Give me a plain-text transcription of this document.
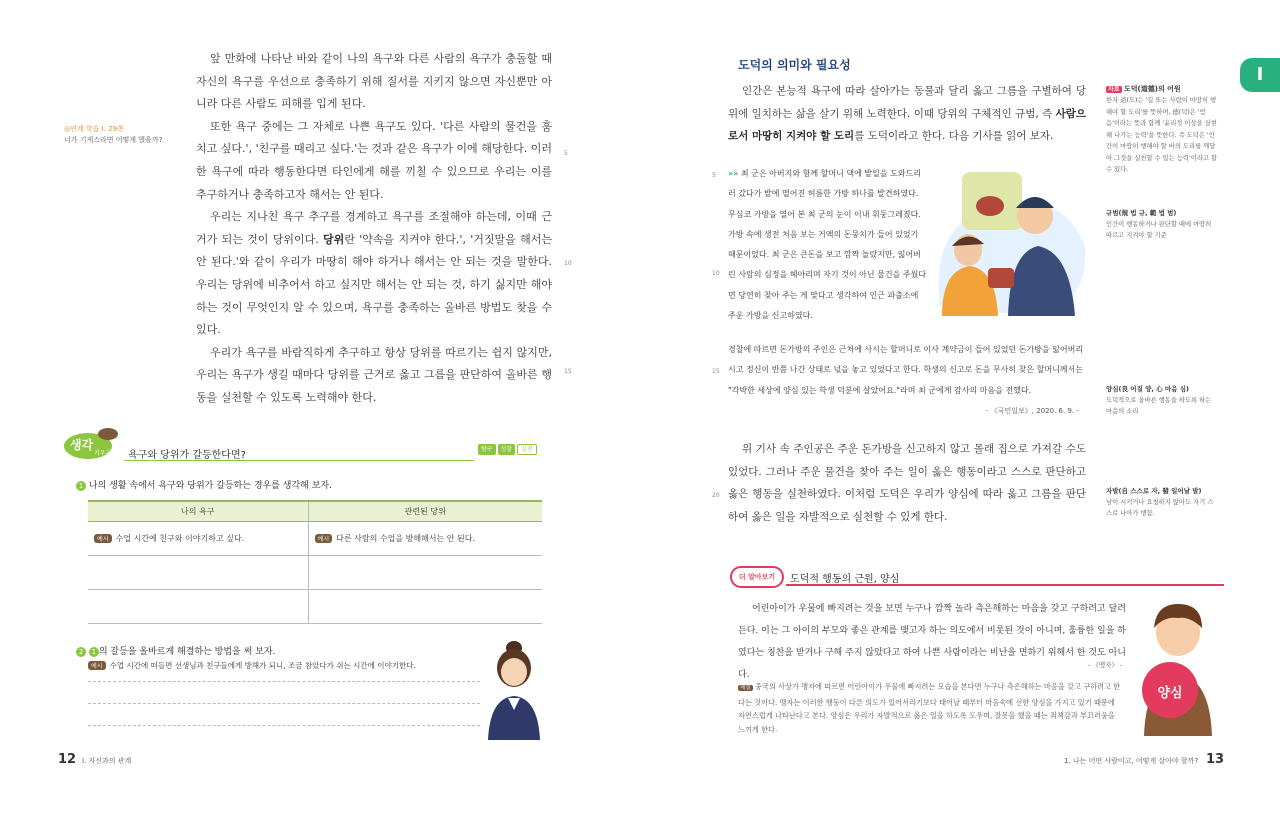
앞 만화에 나타난 바와 같이 나의 욕구와 다른 사람의 욕구가 충돌할 때 자신의 욕구를 우선으로 충족하기 위해 질서를 지키지 않으면 자신뿐만 아니라 다른 사람도 피해를 입게 된다.

또한 욕구 중에는 그 자체로 나쁜 욕구도 있다. '다른 사람의 물건을 훔치고 싶다.', '친구를 때리고 싶다.'는 것과 같은 욕구가 이에 해당한다. 이러한 욕구에 따라 행동한다면 타인에게 해를 끼칠 수 있으므로 우리는 이를 추구하거나 충족하고자 해서는 안 된다.

우리는 지나친 욕구 추구를 경계하고 욕구를 조절해야 하는데, 이때 근거가 되는 것이 당위이다. 당위란 '약속을 지켜야 한다.', '거짓말을 해서는 안 된다.'와 같이 우리가 마땅히 해야 하거나 해서는 안 되는 것을 말한다. 우리는 당위에 비추어서 하고 싶지만 해서는 안 되는 것, 하기 싫지만 해야 하는 것이 무엇인지 알 수 있으며, 욕구를 충족하는 올바른 방법도 찾을 수 있다.

우리가 욕구를 바람직하게 추구하고 항상 당위를 따르기는 쉽지 않지만, 우리는 욕구가 생길 때마다 당위를 근거로 옳고 그름을 판단하여 올바른 행동을 실천할 수 있도록 노력해야 한다.

5
10
15
◎연계 학습 I. 29쪽
너가 기게스라면 어떻게 했을까?
생각
키우기 욕구와 당위가 갈등한다면?
탐구 성찰 실천
1 나의 생활 속에서 욕구와 당위가 갈등하는 경우를 생각해 보자.
나의 욕구	관련된 당위
예시 수업 시간에 친구와 이야기하고 싶다.	예시 다른 사람의 수업을 방해해서는 안 된다.

2 1 의 갈등을 올바르게 해결하는 방법을 써 보자.
예시 수업 시간에 떠들면 선생님과 친구들에게 방해가 되니, 조금 참았다가 쉬는 시간에 이야기한다.
12 I. 자신과의 관계
I
도덕의 의미와 필요성

인간은 본능적 욕구에 따라 살아가는 동물과 달리 옳고 그름을 구별하여 당위에 일치하는 삶을 살기 위해 노력한다. 이때 당위의 구체적인 규범, 즉 사람으로서 마땅히 지켜야 할 도리를 도덕이라고 한다. 다음 기사를 읽어 보자.

»» 최 군은 아버지와 함께 할머니 댁에 밭일을 도와드리러 갔다가 밭에 떨어진 허름한 가방 하나를 발견하였다. 무심코 가방을 열어 본 최 군의 눈이 이내 휘둥그레졌다. 가방 속에 생전 처음 보는 거액의 돈뭉치가 들어 있었기 때문이었다. 최 군은 큰돈을 보고 깜짝 놀랐지만, 잃어버린 사람의 심정을 헤아리며 자기 것이 아닌 물건을 주웠다면 당연히 찾아 주는 게 맞다고 생각하여 인근 파출소에 주운 가방을 신고하였다.
경찰에 따르면 돈가방의 주인은 근처에 사시는 할머니로 이사 계약금이 들어 있었던 돈가방을 잃어버리시고 정신이 반쯤 나간 상태로 넋을 놓고 있었다고 한다. 학생의 신고로 돈을 무사히 찾은 할머니께서는 "각박한 세상에 양심 있는 학생 덕분에 살았어요."라며 최 군에게 감사의 마음을 전했다.
- 《국민일보》, 2020. 6. 9. -
5
10
15
20

위 기사 속 주인공은 주운 돈가방을 신고하지 않고 몰래 집으로 가져갈 수도 있었다. 그러나 주운 물건을 찾아 주는 일이 옳은 행동이라고 스스로 판단하고 옳은 행동을 실천하였다. 이처럼 도덕은 우리가 양심에 따라 옳고 그름을 판단하여 옳은 일을 자발적으로 실천할 수 있게 한다.

자료 도덕(道德)의 어원
한자 道(도)는 '길 또는 사람이 마땅히 행해야 할 도리'를 뜻하며, 德(덕)은 '얻음'이라는 뜻과 함께 '윤리적 이상을 실현해 나가는 능력'을 뜻한다. 즉 도덕은 '인간이 마땅히 행해야 할 바의 도리를 깨달아 그것을 실천할 수 있는 능력'이라고 할 수 있다.
규범(規 법 규, 範 법 범)
인간이 행동하거나 판단할 때에 마땅히 따르고 지켜야 할 기준
양심(良 어질 양, 心 마음 심)
도덕적으로 올바른 행동을 하도록 하는 마음의 소리
자발(自 스스로 자, 發 일어날 발)
남이 시키거나 요청하지 않아도 자기 스스로 나아가 행함.
더 알아보기	도덕적 행동의 근원, 양심

어린아이가 우물에 빠지려는 것을 보면 누구나 깜짝 놀라 측은해하는 마음을 갖고 구하려고 달려든다. 이는 그 아이의 부모와 좋은 관계를 맺고자 하는 의도에서 비롯된 것이 아니며, 훌륭한 일을 하였다는 칭찬을 받거나 구해 주지 않았다고 하여 나쁜 사람이라는 비난을 면하기 위해서 한 것도 아니다.

- 《맹자》 -
해설 중국의 사상가 맹자에 따르면 어린아이가 우물에 빠지려는 모습을 본다면 누구나 측은해하는 마음을 갖고 구하려고 한다는 것이다. 맹자는 이러한 행동이 다른 의도가 있어서라기보다 태어날 때부터 마음속에 선한 양심을 가지고 있기 때문에 자연스럽게 나타난다고 본다. 양심은 우리가 자발적으로 옳은 일을 하도록 도우며, 잘못을 했을 때는 죄책감과 부끄러움을 느끼게 한다.
양심
1. 나는 어떤 사람이고, 어떻게 살아야 할까? 13
